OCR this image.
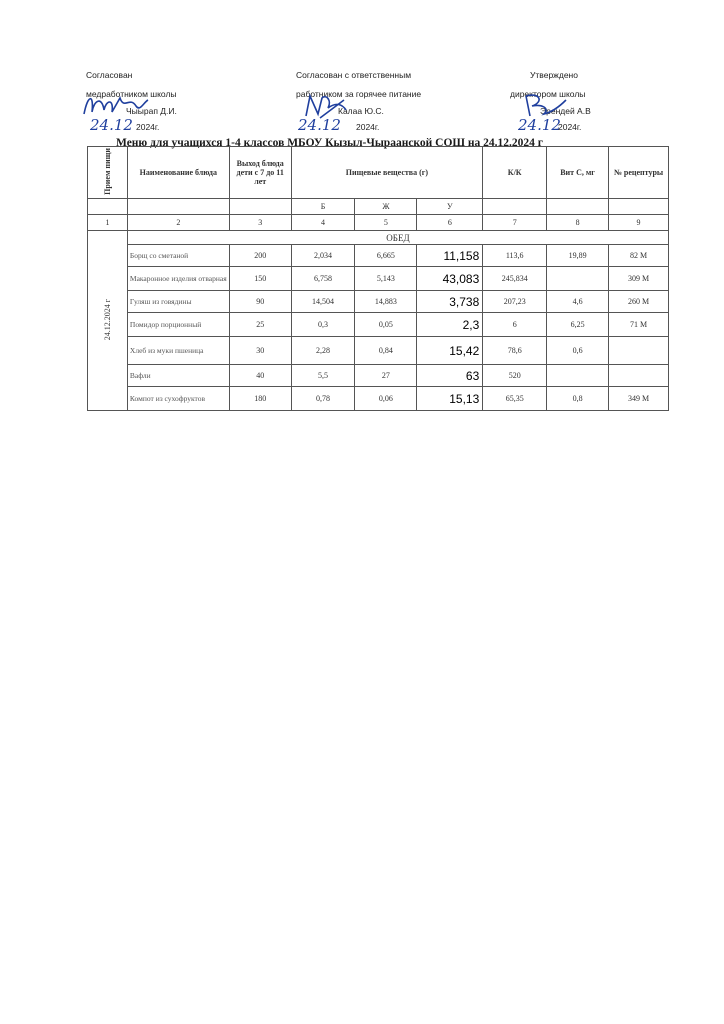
Согласован
медработником школы
Чыырап Д.И.
2024г.
Согласован с ответственным
работником за горячее питание
Калаа Ю.С.
2024г.
Утверждено
директором школы
Эрендей А.В
2024г.
24.12	24.12	24.12
Меню для учащихся 1-4 классов МБОУ Кызыл-Чыраанской СОШ на 24.12.2024 г
Прием пищи	Наименование блюда	Выход блюда дети с 7 до 11 лет	Пищевые вещества (г)			К/К	Вит С, мг	№ рецептуры
			Б	Ж	У			
1	2	3	4	5	6	7	8	9
24.12.2024 г	ОБЕД							
	Борщ со сметаной	200	2,034	6,665	11,158	113,6	19,89	82 М
	Макаронное изделия отварная	150	6,758	5,143	43,083	245,834		309 М
	Гуляш из говядины	90	14,504	14,883	3,738	207,23	4,6	260 М
	Помидор порционный	25	0,3	0,05	2,3	6	6,25	71 М
	Хлеб из муки пшеница	30	2,28	0,84	15,42	78,6	0,6	
	Вафли	40	5,5	27	63	520		
	Компот из сухофруктов	180	0,78	0,06	15,13	65,35	0,8	349 М
